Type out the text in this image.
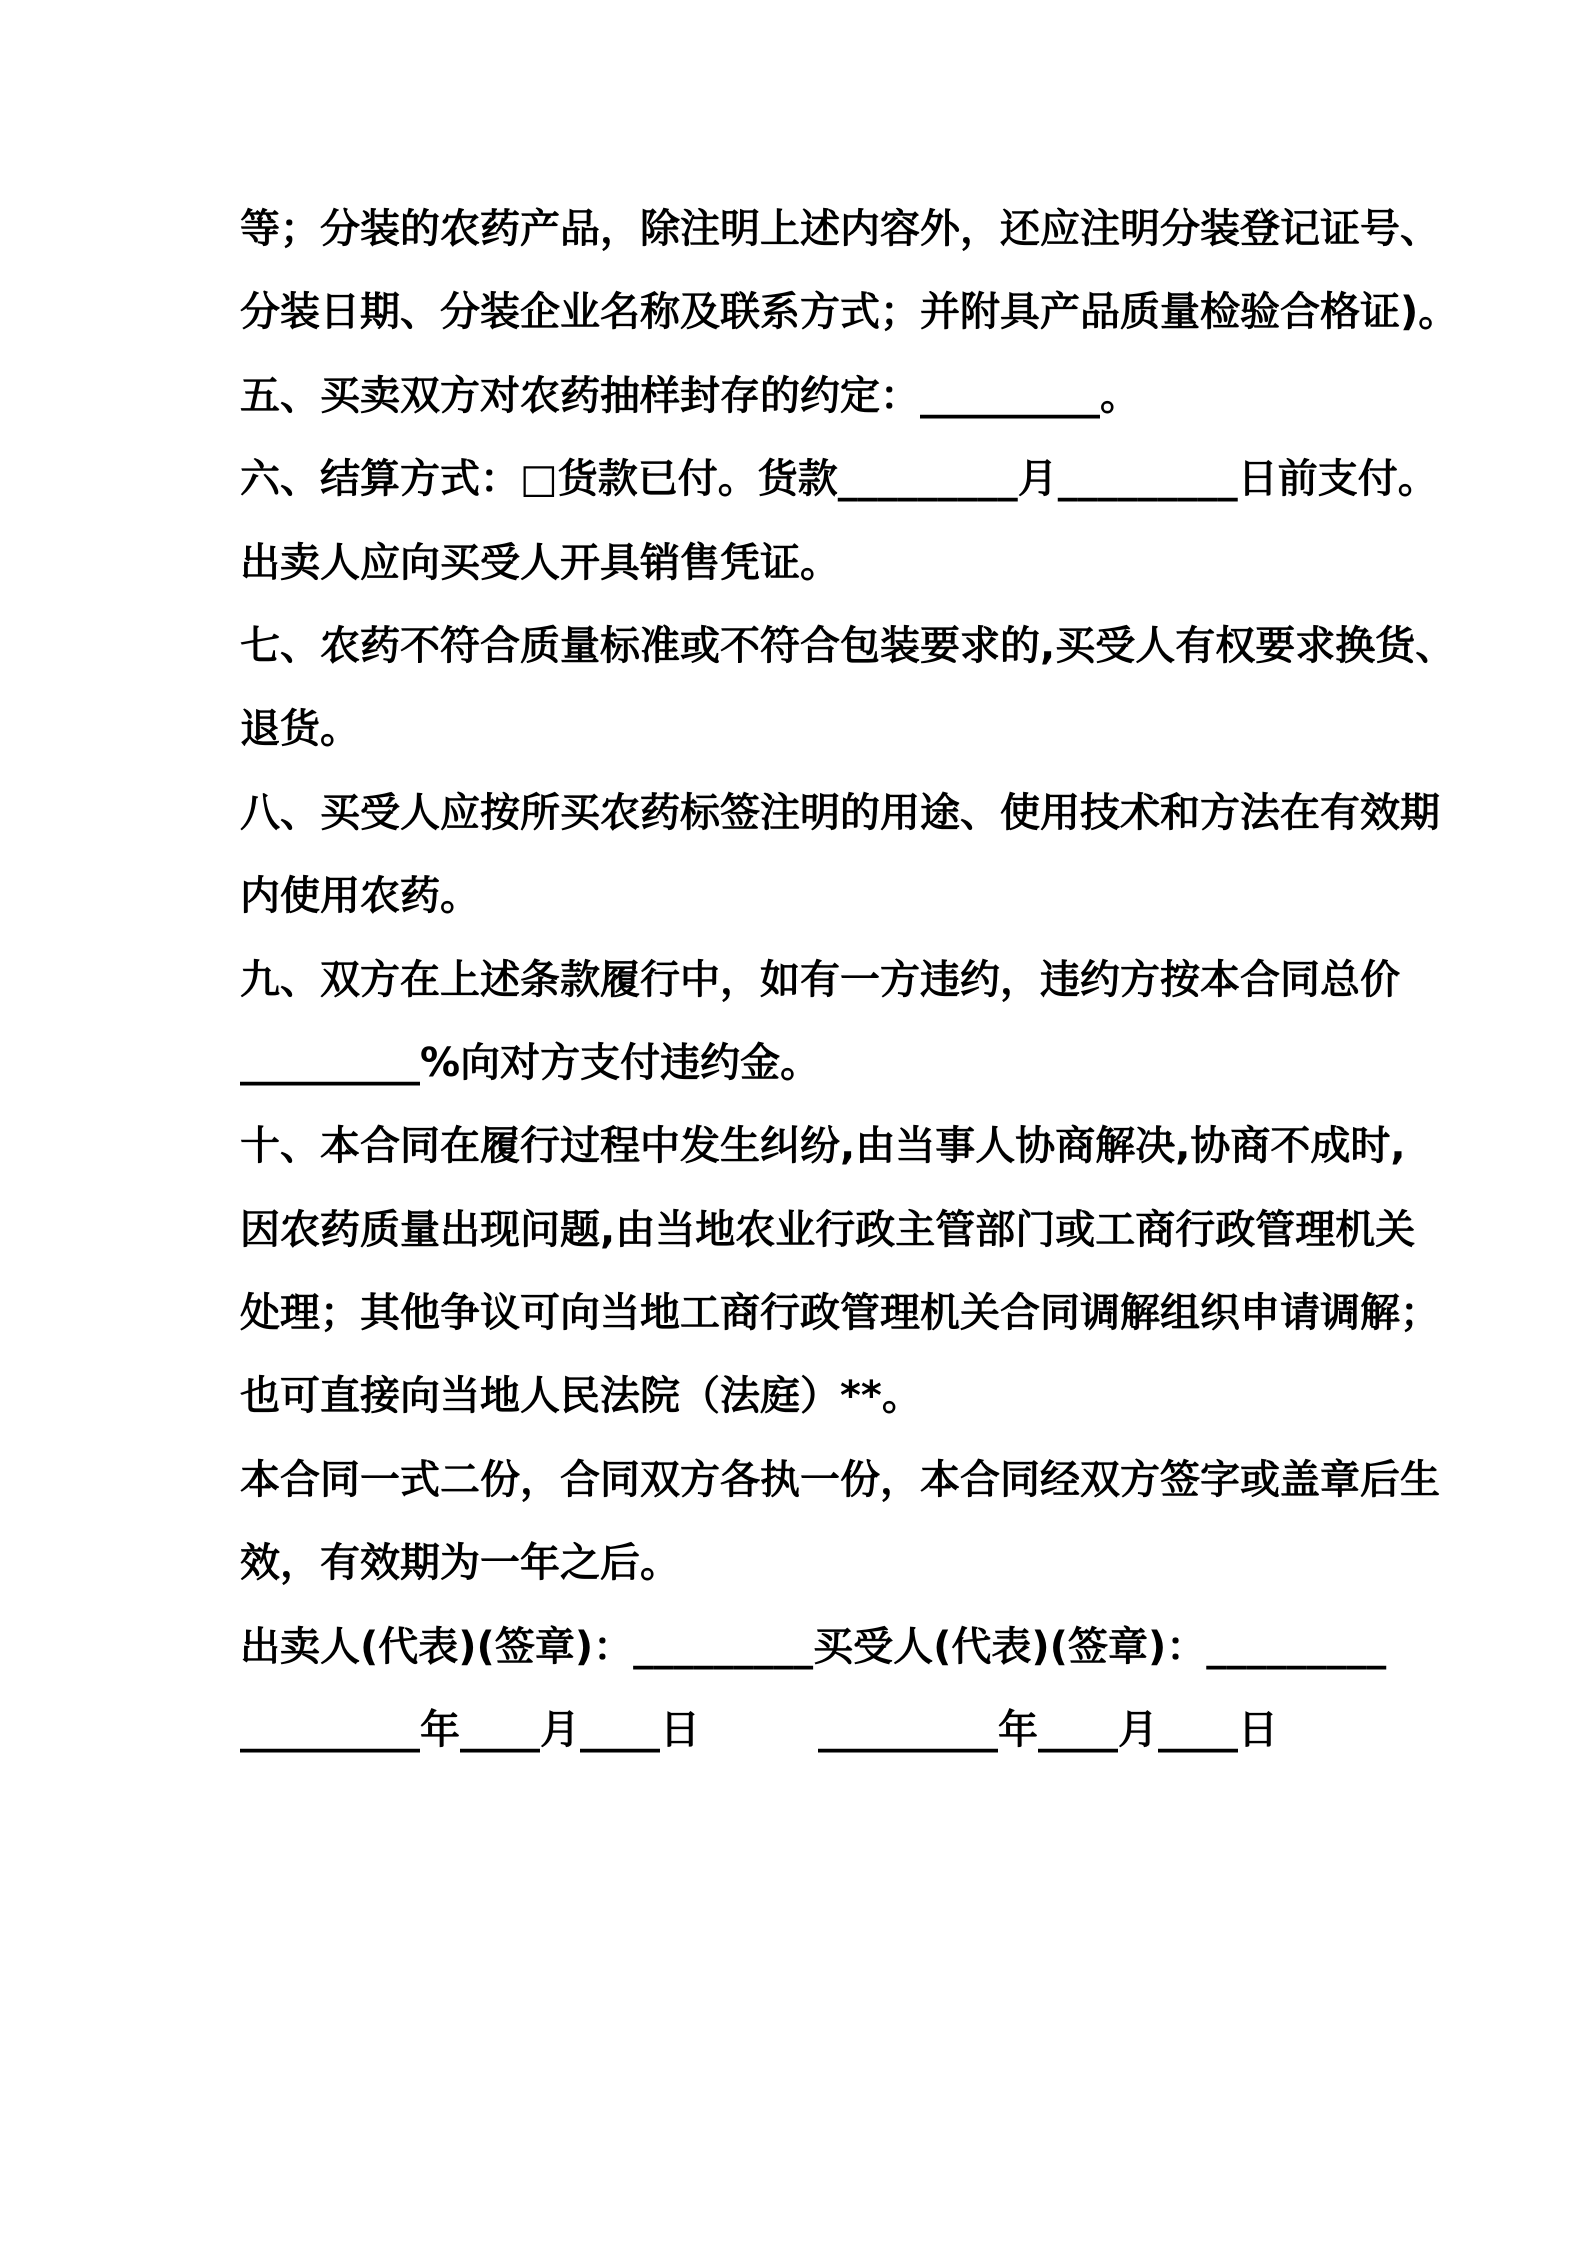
等；分装的农药产品，除注明上述内容外，还应注明分装登记证号、
分装日期、分装企业名称及联系方式；并附具产品质量检验合格证)。
五、买卖双方对农药抽样封存的约定：_________。
六、结算方式：□货款已付。货款_________月_________日前支付。
出卖人应向买受人开具销售凭证。
七、农药不符合质量标准或不符合包装要求的,买受人有权要求换货、
退货。
八、买受人应按所买农药标签注明的用途、使用技术和方法在有效期
内使用农药。
九、双方在上述条款履行中，如有一方违约，违约方按本合同总价
_________%向对方支付违约金。
十、本合同在履行过程中发生纠纷,由当事人协商解决,协商不成时,
因农药质量出现问题,由当地农业行政主管部门或工商行政管理机关
处理；其他争议可向当地工商行政管理机关合同调解组织申请调解；
也可直接向当地人民法院（法庭）**。
本合同一式二份，合同双方各执一份，本合同经双方签字或盖章后生
效，有效期为一年之后。
出卖人(代表)(签章)：_________买受人(代表)(签章)：_________
_________年____月____日	_________年____月____日
